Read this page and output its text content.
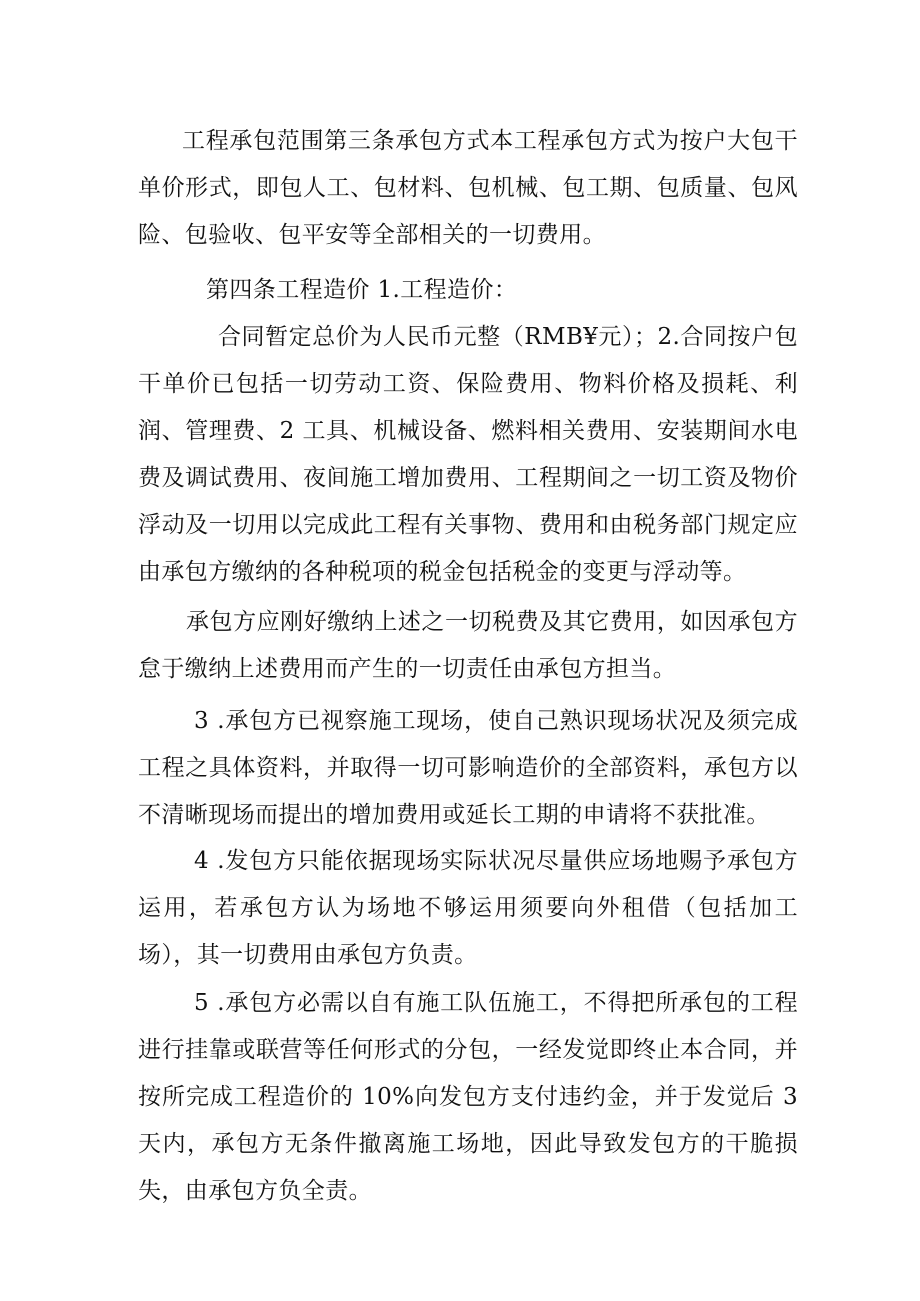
工程承包范围第三条承包方式本工程承包方式为按户大包干单价形式，即包人工、包材料、包机械、包工期、包质量、包风险、包验收、包平安等全部相关的一切费用。

第四条工程造价 1.工程造价：

合同暂定总价为人民币元整（RMB¥元）；2.合同按户包干单价已包括一切劳动工资、保险费用、物料价格及损耗、利润、管理费、2 工具、机械设备、燃料相关费用、安装期间水电费及调试费用、夜间施工增加费用、工程期间之一切工资及物价浮动及一切用以完成此工程有关事物、费用和由税务部门规定应由承包方缴纳的各种税项的税金包括税金的变更与浮动等。

承包方应刚好缴纳上述之一切税费及其它费用，如因承包方怠于缴纳上述费用而产生的一切责任由承包方担当。

3 .承包方已视察施工现场，使自己熟识现场状况及须完成工程之具体资料，并取得一切可影响造价的全部资料，承包方以不清晰现场而提出的增加费用或延长工期的申请将不获批准。

4 .发包方只能依据现场实际状况尽量供应场地赐予承包方运用，若承包方认为场地不够运用须要向外租借（包括加工场），其一切费用由承包方负责。

5 .承包方必需以自有施工队伍施工，不得把所承包的工程进行挂靠或联营等任何形式的分包，一经发觉即终止本合同，并按所完成工程造价的 10%向发包方支付违约金，并于发觉后 3 天内，承包方无条件撤离施工场地，因此导致发包方的干脆损失，由承包方负全责。
